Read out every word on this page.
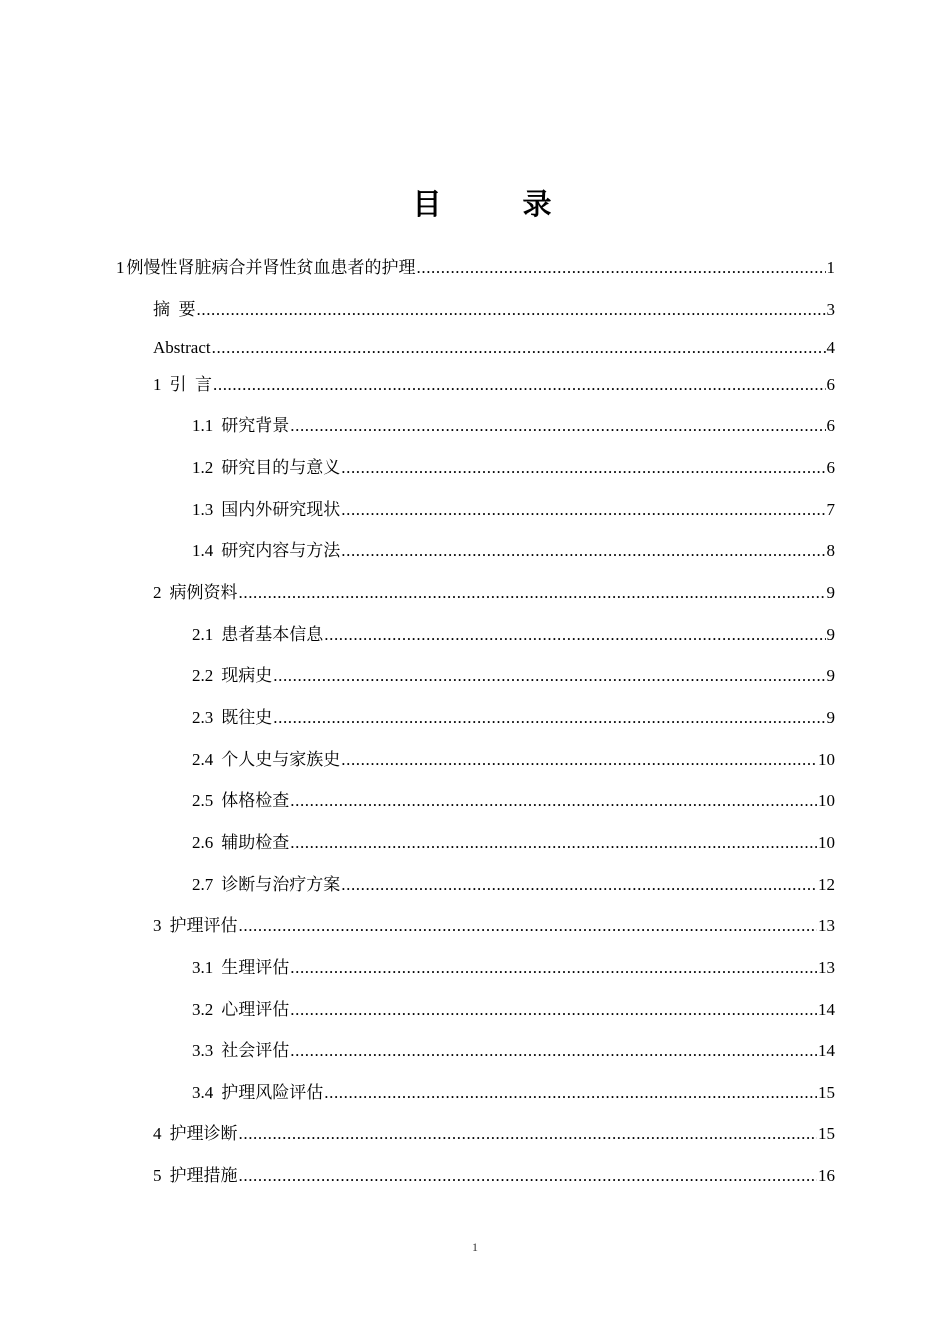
目　录
1 例慢性肾脏病合并肾性贫血患者的护理 .....	1
摘  要 .....	3
Abstract .....	4
1 引  言 .....	6
1.1 研究背景 .....	6
1.2 研究目的与意义 .....	6
1.3 国内外研究现状 .....	7
1.4 研究内容与方法 .....	8
2 病例资料 .....	9
2.1 患者基本信息 .....	9
2.2 现病史 .....	9
2.3 既往史 .....	9
2.4 个人史与家族史 .....	10
2.5 体格检查 .....	10
2.6 辅助检查 .....	10
2.7 诊断与治疗方案 .....	12
3 护理评估 .....	13
3.1 生理评估 .....	13
3.2 心理评估 .....	14
3.3 社会评估 .....	14
3.4 护理风险评估 .....	15
4 护理诊断 .....	15
5 护理措施 .....	16
1
